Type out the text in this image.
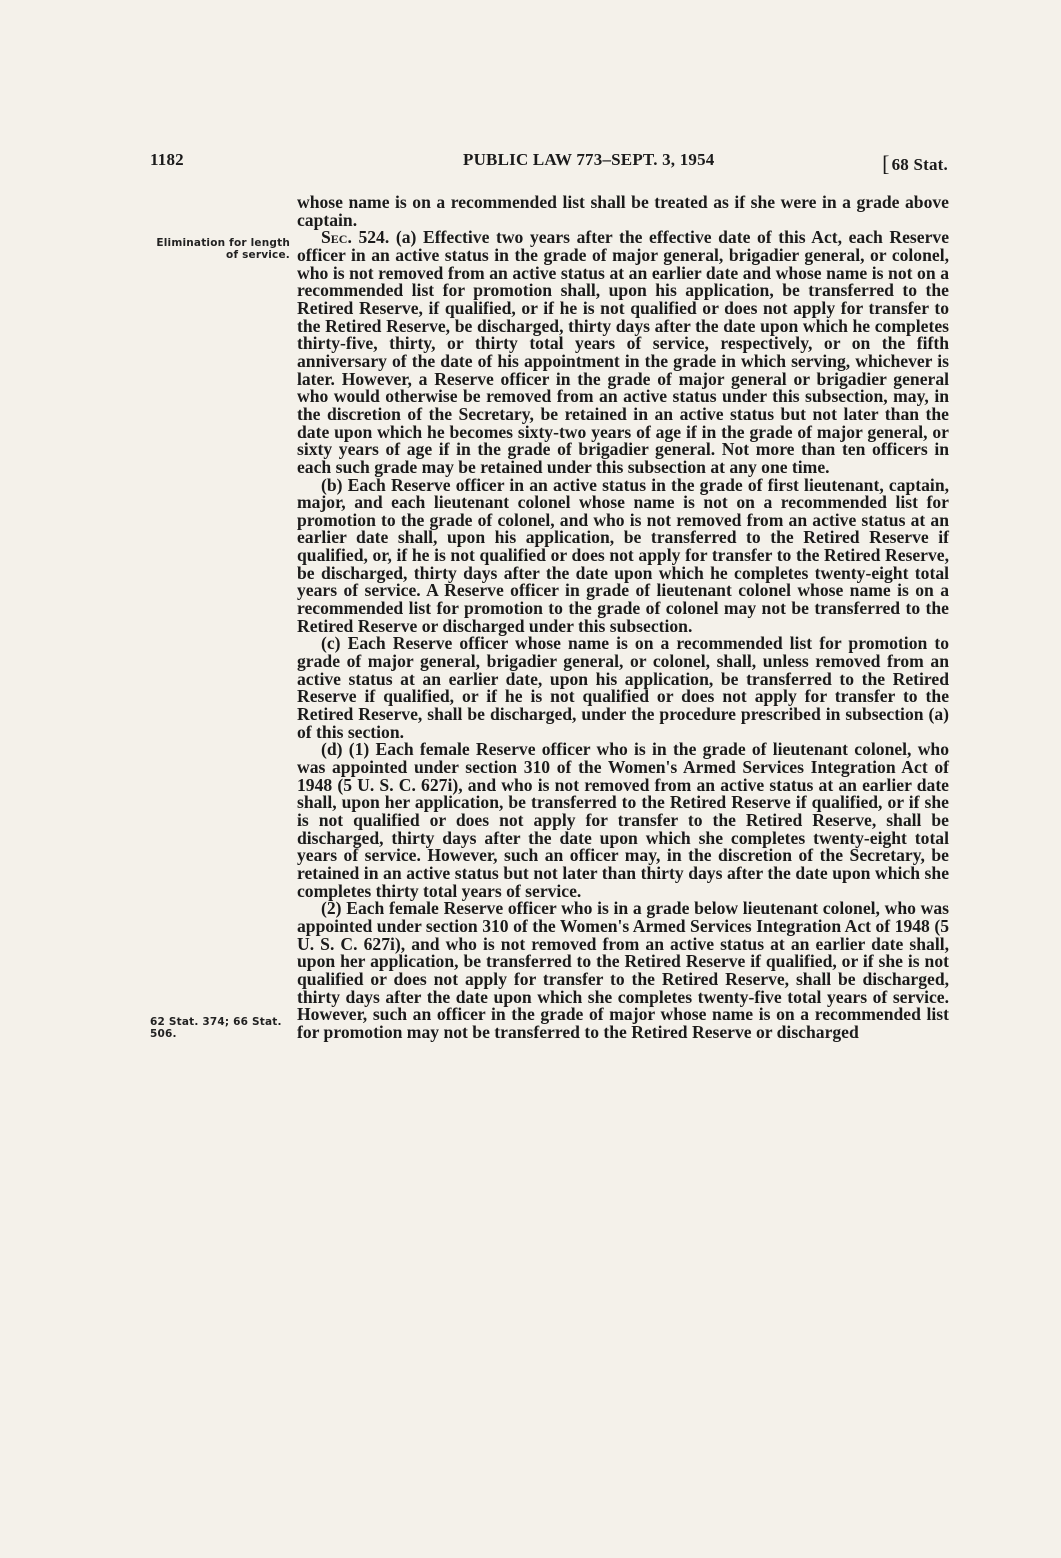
1182	PUBLIC LAW 773–SEPT. 3, 1954	[ 68 Stat.
Elimination for length of service.
62 Stat. 374; 66 Stat. 506.

whose name is on a recommended list shall be treated as if she were in a grade above captain.

Sec. 524. (a) Effective two years after the effective date of this Act, each Reserve officer in an active status in the grade of major general, brigadier general, or colonel, who is not removed from an active status at an earlier date and whose name is not on a recommended list for promotion shall, upon his application, be transferred to the Retired Reserve, if qualified, or if he is not qualified or does not apply for transfer to the Retired Reserve, be discharged, thirty days after the date upon which he completes thirty-five, thirty, or thirty total years of service, respectively, or on the fifth anniversary of the date of his appointment in the grade in which serving, whichever is later. However, a Reserve officer in the grade of major general or brigadier general who would otherwise be removed from an active status under this subsection, may, in the discretion of the Secretary, be retained in an active status but not later than the date upon which he becomes sixty-two years of age if in the grade of major general, or sixty years of age if in the grade of brigadier general. Not more than ten officers in each such grade may be retained under this subsection at any one time.

(b) Each Reserve officer in an active status in the grade of first lieutenant, captain, major, and each lieutenant colonel whose name is not on a recommended list for promotion to the grade of colonel, and who is not removed from an active status at an earlier date shall, upon his application, be transferred to the Retired Reserve if qualified, or, if he is not qualified or does not apply for transfer to the Retired Reserve, be discharged, thirty days after the date upon which he completes twenty-eight total years of service. A Reserve officer in grade of lieutenant colonel whose name is on a recommended list for promotion to the grade of colonel may not be transferred to the Retired Reserve or discharged under this subsection.

(c) Each Reserve officer whose name is on a recommended list for promotion to grade of major general, brigadier general, or colonel, shall, unless removed from an active status at an earlier date, upon his application, be transferred to the Retired Reserve if qualified, or if he is not qualified or does not apply for transfer to the Retired Reserve, shall be discharged, under the procedure prescribed in subsection (a) of this section.

(d) (1) Each female Reserve officer who is in the grade of lieutenant colonel, who was appointed under section 310 of the Women's Armed Services Integration Act of 1948 (5 U. S. C. 627i), and who is not removed from an active status at an earlier date shall, upon her application, be transferred to the Retired Reserve if qualified, or if she is not qualified or does not apply for transfer to the Retired Reserve, shall be discharged, thirty days after the date upon which she completes twenty-eight total years of service. However, such an officer may, in the discretion of the Secretary, be retained in an active status but not later than thirty days after the date upon which she completes thirty total years of service.

(2) Each female Reserve officer who is in a grade below lieutenant colonel, who was appointed under section 310 of the Women's Armed Services Integration Act of 1948 (5 U. S. C. 627i), and who is not removed from an active status at an earlier date shall, upon her application, be transferred to the Retired Reserve if qualified, or if she is not qualified or does not apply for transfer to the Retired Reserve, shall be discharged, thirty days after the date upon which she completes twenty-five total years of service. However, such an officer in the grade of major whose name is on a recommended list for promotion may not be transferred to the Retired Reserve or discharged
